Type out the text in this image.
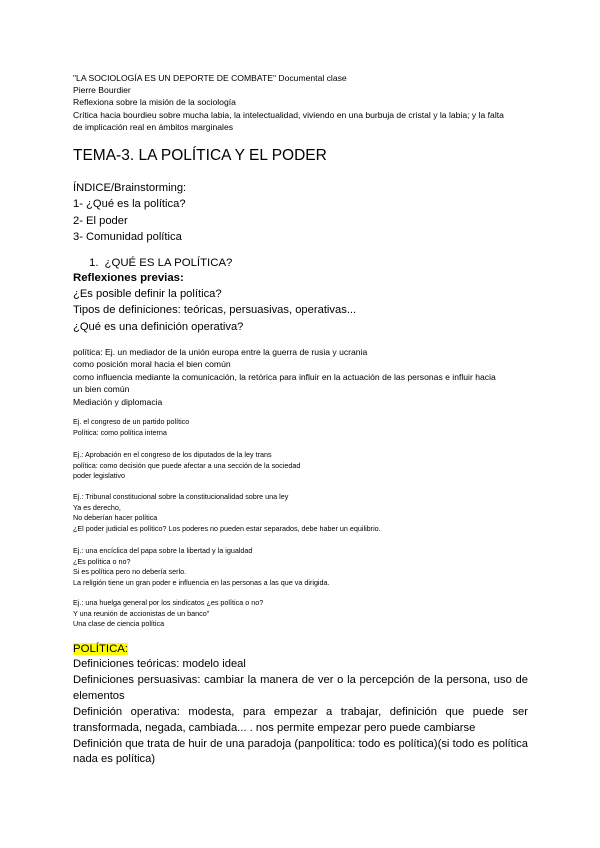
"LA SOCIOLOGÍA ES UN DEPORTE DE COMBATE" Documental clase
Pierre Bourdier
Reflexiona sobre la misión de la sociología
Crítica hacia bourdieu sobre mucha labia, la intelectualidad, viviendo en una burbuja de cristal y la labia; y la falta
de implicación real en ámbitos marginales
TEMA-3. LA POLÍTICA Y EL PODER
ÍNDICE/Brainstorming:
1- ¿Qué es la política?
2- El poder
3- Comunidad política
1. ¿QUÉ ES LA POLÍTICA?
Reflexiones previas:
¿Es posible definir la política?
Tipos de definiciones: teóricas, persuasivas, operativas...
¿Qué es una definición operativa?
política: Ej. un mediador de la unión europa entre la guerra de rusia y ucrania
como posición moral hacia el bien común
como influencia mediante la comunicación, la retórica para influir en la actuación de las personas e influir hacia
un bien común
Mediación y diplomacia
Ej. el congreso de un partido político
Política: como política interna
Ej.: Aprobación en el congreso de los diputados de la ley trans
política: como decisión que puede afectar a una sección de la sociedad
poder legislativo
Ej.: Tribunal constitucional sobre la constitucionalidad sobre una ley
Ya es derecho,
No deberían hacer política
¿El poder judicial es político? Los poderes no pueden estar separados, debe haber un equilibrio.
Ej.: una encíclica del papa sobre la libertad y la igualdad
¿Es política o no?
Si es política pero no debería serlo.
La religión tiene un gran poder e influencia en las personas a las que va dirigida.
Ej.: una huelga general por los sindicatos ¿es política o no?
Y una reunión de accionistas de un banco"
Una clase de ciencia política
POLÍTICA:
Definiciones teóricas: modelo ideal
Definiciones persuasivas: cambiar la manera de ver o la percepción de la persona, uso de elementos
Definición operativa: modesta, para empezar a trabajar, definición que puede ser transformada, negada, cambiada... . nos permite empezar pero puede cambiarse
Definición que trata de huir de una paradoja (panpolítica: todo es política)(si todo es política nada es política)
